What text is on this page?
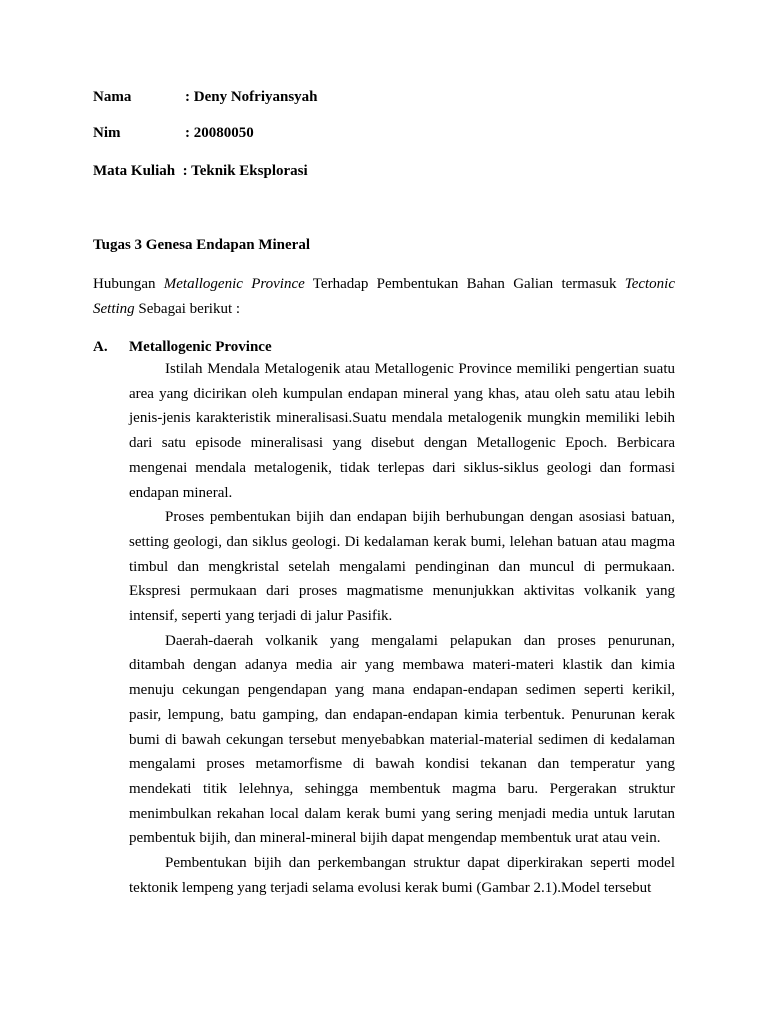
Nama	: Deny Nofriyansyah
Nim	: 20080050
Mata Kuliah : Teknik Eksplorasi
Tugas 3 Genesa Endapan Mineral
Hubungan Metallogenic Province Terhadap Pembentukan Bahan Galian termasuk Tectonic Setting Sebagai berikut :
A. Metallogenic Province

Istilah Mendala Metalogenik atau Metallogenic Province memiliki pengertian suatu area yang dicirikan oleh kumpulan endapan mineral yang khas, atau oleh satu atau lebih jenis-jenis karakteristik mineralisasi.Suatu mendala metalogenik mungkin memiliki lebih dari satu episode mineralisasi yang disebut dengan Metallogenic Epoch. Berbicara mengenai mendala metalogenik, tidak terlepas dari siklus-siklus geologi dan formasi endapan mineral.

Proses pembentukan bijih dan endapan bijih berhubungan dengan asosiasi batuan, setting geologi, dan siklus geologi. Di kedalaman kerak bumi, lelehan batuan atau magma timbul dan mengkristal setelah mengalami pendinginan dan muncul di permukaan. Ekspresi permukaan dari proses magmatisme menunjukkan aktivitas volkanik yang intensif, seperti yang terjadi di jalur Pasifik.

Daerah-daerah volkanik yang mengalami pelapukan dan proses penurunan, ditambah dengan adanya media air yang membawa materi-materi klastik dan kimia menuju cekungan pengendapan yang mana endapan-endapan sedimen seperti kerikil, pasir, lempung, batu gamping, dan endapan-endapan kimia terbentuk. Penurunan kerak bumi di bawah cekungan tersebut menyebabkan material-material sedimen di kedalaman mengalami proses metamorfisme di bawah kondisi tekanan dan temperatur yang mendekati titik lelehnya, sehingga membentuk magma baru. Pergerakan struktur menimbulkan rekahan local dalam kerak bumi yang sering menjadi media untuk larutan pembentuk bijih, dan mineral-mineral bijih dapat mengendap membentuk urat atau vein.

Pembentukan bijih dan perkembangan struktur dapat diperkirakan seperti model tektonik lempeng yang terjadi selama evolusi kerak bumi (Gambar 2.1).Model tersebut
